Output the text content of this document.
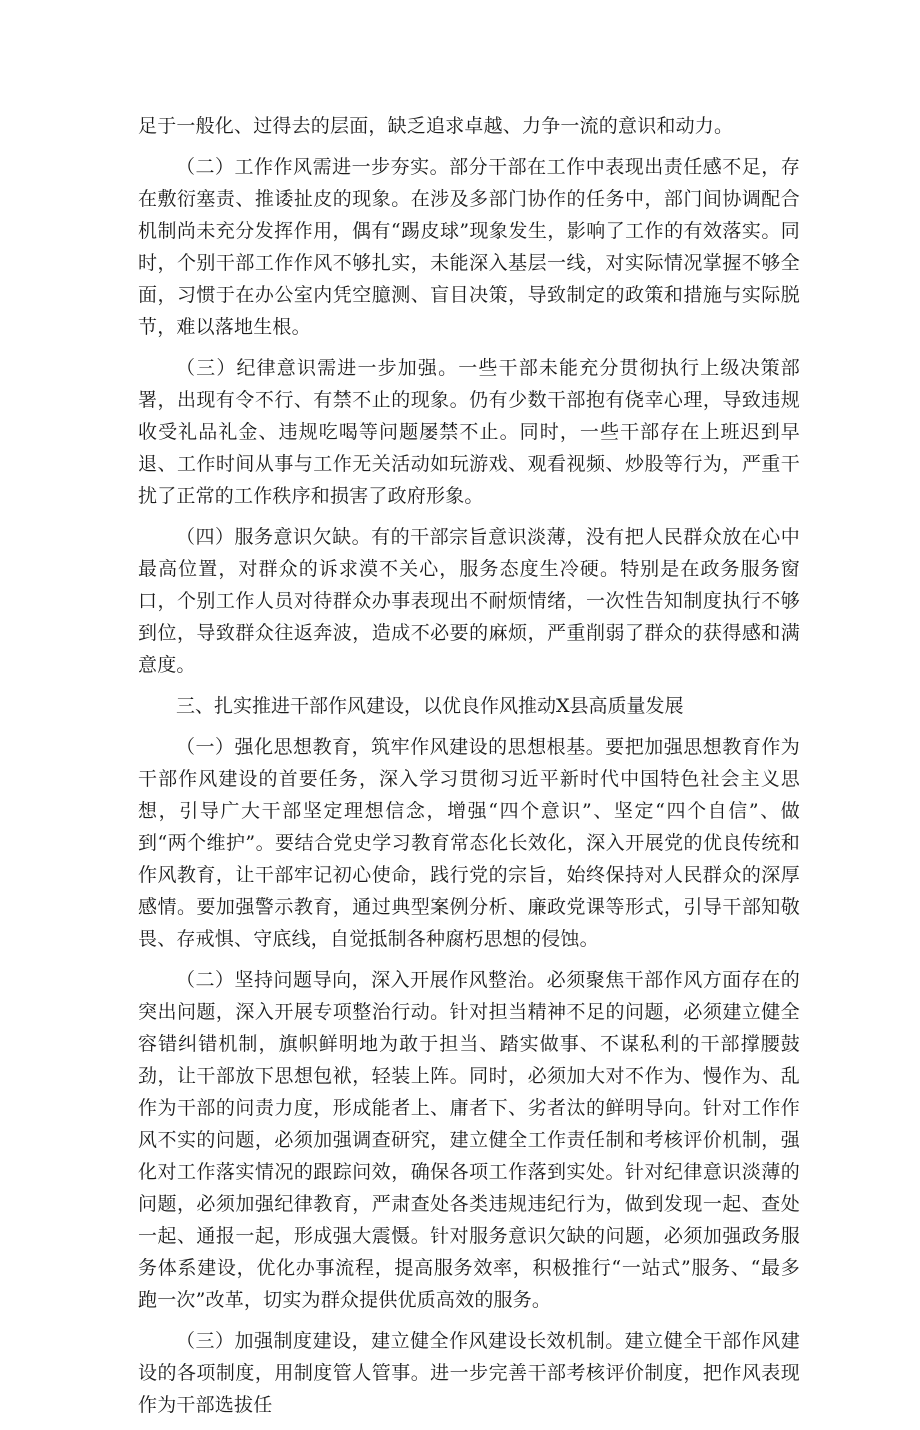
足于一般化、过得去的层面，缺乏追求卓越、力争一流的意识和动力。

（二）工作作风需进一步夯实。部分干部在工作中表现出责任感不足，存在敷衍塞责、推诿扯皮的现象。在涉及多部门协作的任务中，部门间协调配合机制尚未充分发挥作用，偶有“踢皮球”现象发生，影响了工作的有效落实。同时，个别干部工作作风不够扎实，未能深入基层一线，对实际情况掌握不够全面，习惯于在办公室内凭空臆测、盲目决策，导致制定的政策和措施与实际脱节，难以落地生根。

（三）纪律意识需进一步加强。一些干部未能充分贯彻执行上级决策部署，出现有令不行、有禁不止的现象。仍有少数干部抱有侥幸心理，导致违规收受礼品礼金、违规吃喝等问题屡禁不止。同时，一些干部存在上班迟到早退、工作时间从事与工作无关活动如玩游戏、观看视频、炒股等行为，严重干扰了正常的工作秩序和损害了政府形象。

（四）服务意识欠缺。有的干部宗旨意识淡薄，没有把人民群众放在心中最高位置，对群众的诉求漠不关心，服务态度生冷硬。特别是在政务服务窗口，个别工作人员对待群众办事表现出不耐烦情绪，一次性告知制度执行不够到位，导致群众往返奔波，造成不必要的麻烦，严重削弱了群众的获得感和满意度。

三、扎实推进干部作风建设，以优良作风推动X县高质量发展

（一）强化思想教育，筑牢作风建设的思想根基。要把加强思想教育作为干部作风建设的首要任务，深入学习贯彻习近平新时代中国特色社会主义思想，引导广大干部坚定理想信念，增强“四个意识”、坚定“四个自信”、做到“两个维护”。要结合党史学习教育常态化长效化，深入开展党的优良传统和作风教育，让干部牢记初心使命，践行党的宗旨，始终保持对人民群众的深厚感情。要加强警示教育，通过典型案例分析、廉政党课等形式，引导干部知敬畏、存戒惧、守底线，自觉抵制各种腐朽思想的侵蚀。

（二）坚持问题导向，深入开展作风整治。必须聚焦干部作风方面存在的突出问题，深入开展专项整治行动。针对担当精神不足的问题，必须建立健全容错纠错机制，旗帜鲜明地为敢于担当、踏实做事、不谋私利的干部撑腰鼓劲，让干部放下思想包袱，轻装上阵。同时，必须加大对不作为、慢作为、乱作为干部的问责力度，形成能者上、庸者下、劣者汰的鲜明导向。针对工作作风不实的问题，必须加强调查研究，建立健全工作责任制和考核评价机制，强化对工作落实情况的跟踪问效，确保各项工作落到实处。针对纪律意识淡薄的问题，必须加强纪律教育，严肃查处各类违规违纪行为，做到发现一起、查处一起、通报一起，形成强大震慑。针对服务意识欠缺的问题，必须加强政务服务体系建设，优化办事流程，提高服务效率，积极推行“一站式”服务、“最多跑一次”改革，切实为群众提供优质高效的服务。

（三）加强制度建设，建立健全作风建设长效机制。建立健全干部作风建设的各项制度，用制度管人管事。进一步完善干部考核评价制度，把作风表现作为干部选拔任
